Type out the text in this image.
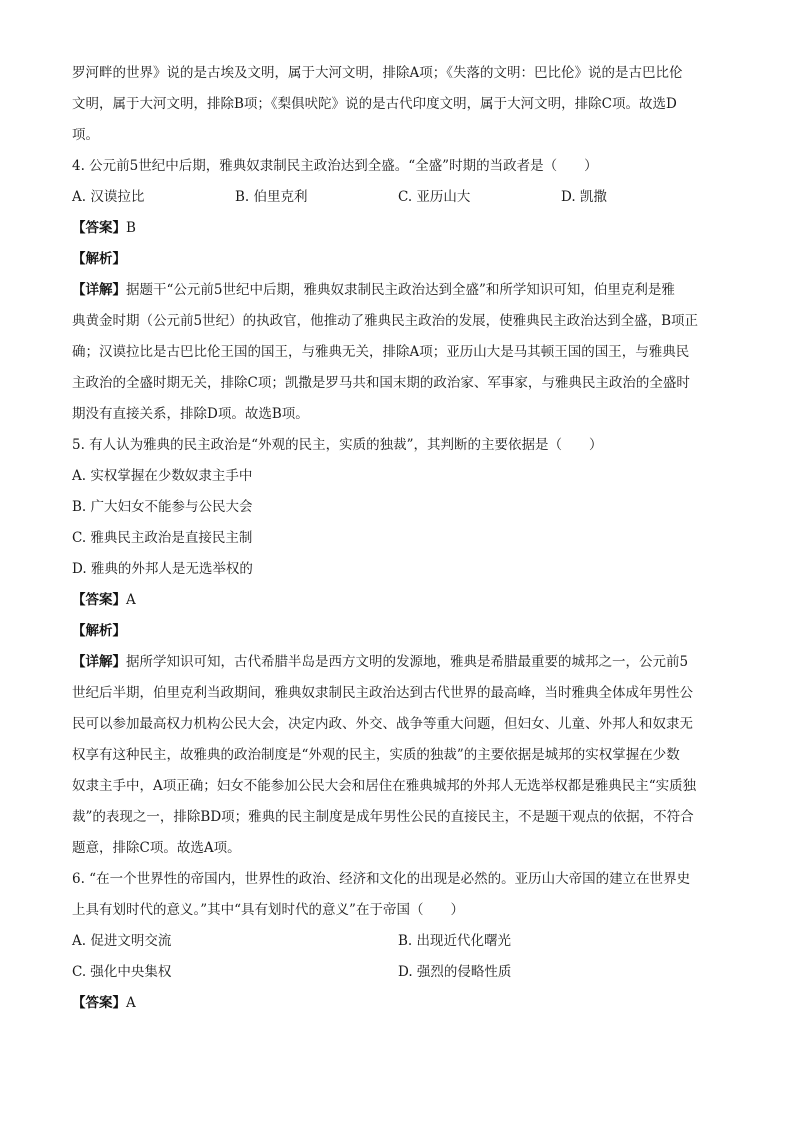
罗河畔的世界》说的是古埃及文明，属于大河文明，排除A项；《失落的文明：巴比伦》说的是古巴比伦
文明，属于大河文明，排除B项；《梨俱吠陀》说的是古代印度文明，属于大河文明，排除C项。故选D
项。
4. 公元前5世纪中后期，雅典奴隶制民主政治达到全盛。“全盛”时期的当政者是（　　）
A. 汉谟拉比	B. 伯里克利	C. 亚历山大	D. 凯撒
【答案】B
【解析】
【详解】据题干“公元前5世纪中后期，雅典奴隶制民主政治达到全盛”和所学知识可知，伯里克利是雅
典黄金时期（公元前5世纪）的执政官，他推动了雅典民主政治的发展，使雅典民主政治达到全盛，B项正
确；汉谟拉比是古巴比伦王国的国王，与雅典无关，排除A项；亚历山大是马其顿王国的国王，与雅典民
主政治的全盛时期无关，排除C项；凯撒是罗马共和国末期的政治家、军事家，与雅典民主政治的全盛时
期没有直接关系，排除D项。故选B项。
5. 有人认为雅典的民主政治是“外观的民主，实质的独裁”，其判断的主要依据是（　　）
A. 实权掌握在少数奴隶主手中
B. 广大妇女不能参与公民大会
C. 雅典民主政治是直接民主制
D. 雅典的外邦人是无选举权的
【答案】A
【解析】
【详解】据所学知识可知，古代希腊半岛是西方文明的发源地，雅典是希腊最重要的城邦之一，公元前5
世纪后半期，伯里克利当政期间，雅典奴隶制民主政治达到古代世界的最高峰，当时雅典全体成年男性公
民可以参加最高权力机构公民大会，决定内政、外交、战争等重大问题，但妇女、儿童、外邦人和奴隶无
权享有这种民主，故雅典的政治制度是“外观的民主，实质的独裁”的主要依据是城邦的实权掌握在少数
奴隶主手中，A项正确；妇女不能参加公民大会和居住在雅典城邦的外邦人无选举权都是雅典民主“实质独
裁”的表现之一，排除BD项；雅典的民主制度是成年男性公民的直接民主，不是题干观点的依据，不符合
题意，排除C项。故选A项。
6. “在一个世界性的帝国内，世界性的政治、经济和文化的出现是必然的。亚历山大帝国的建立在世界史
上具有划时代的意义。”其中“具有划时代的意义”在于帝国（　　）
A. 促进文明交流	B. 出现近代化曙光
C. 强化中央集权	D. 强烈的侵略性质
【答案】A
